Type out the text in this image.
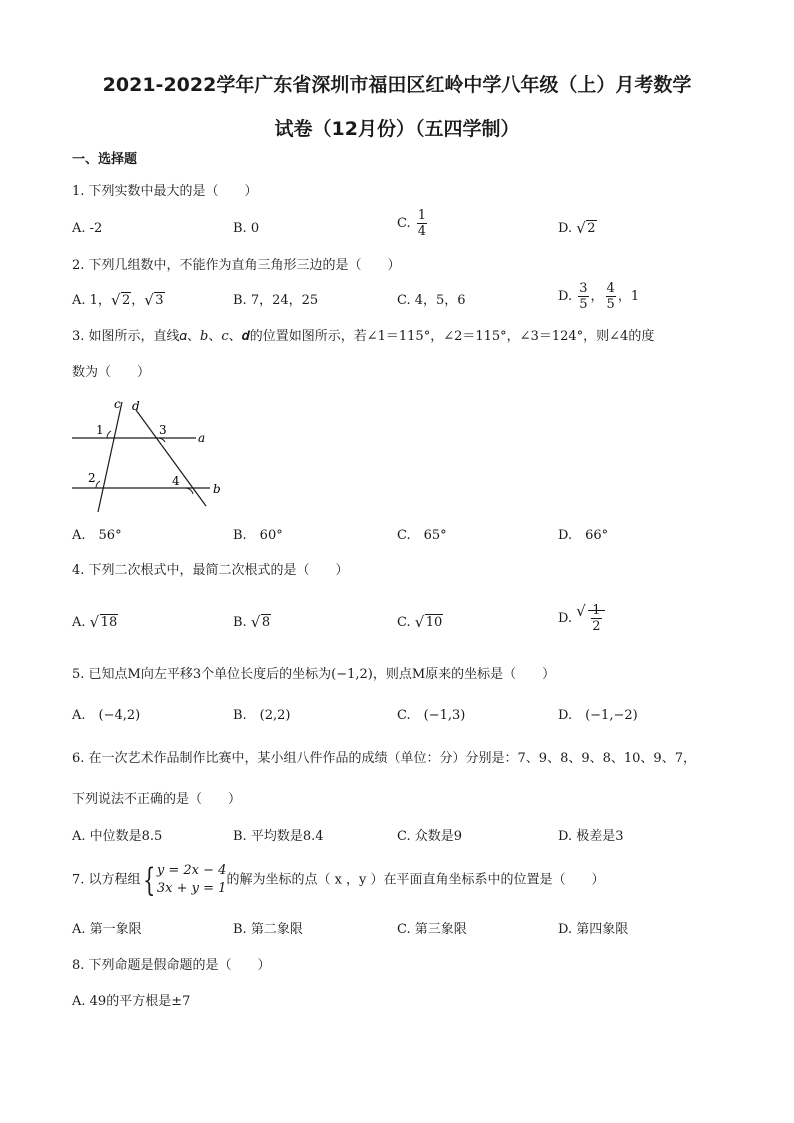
2021-2022学年广东省深圳市福田区红岭中学八年级（上）月考数学
试卷（12月份）（五四学制）
一、选择题
1. 下列实数中最大的是（　　）
A. -2	B. 0	C. $\frac{1}{4}$	D. √ 2
2. 下列几组数中，不能作为直角三角形三边的是（　　）
A. 1， √ 2， √ 3	B. 7，24，25	C. 4，5，6	D. $\frac{3}{5}$ ， $\frac{4}{5}$ ，1
3. 如图所示，直线𝛼、𝑏、𝑐、𝒅的位置如图所示，若∠1＝115°，∠2＝115°，∠3＝124°，则∠4的度
数为（　　）
c d
a
b
1
2
3
4
A.　56°	B.　60°	C.　65°	D.　66°
4. 下列二次根式中，最简二次根式的是（　　）
A. √ 18	B. √ 8	C. √ 10	D. √ $\frac{1}{2}$
5. 已知点M向左平移3个单位长度后的坐标为(−1,2)，则点M原来的坐标是（　　）
A.　(−4,2)	B.　(2,2)	C.　(−1,3)	D.　(−1,−2)
6. 在一次艺术作品制作比赛中，某小组八件作品的成绩（单位：分）分别是：7、9、8、9、8、10、9、7，
下列说法不正确的是（　　）
A. 中位数是8.5	B. 平均数是8.4	C. 众数是9	D. 极差是3
7. 以方程组{ y = 2x − 4
3x + y = 1
的解为坐标的点（ x ，y ）在平面直角坐标系中的位置是（　　）
A. 第一象限	B. 第二象限	C. 第三象限	D. 第四象限
8. 下列命题是假命题的是（　　）
A. 49的平方根是±7
